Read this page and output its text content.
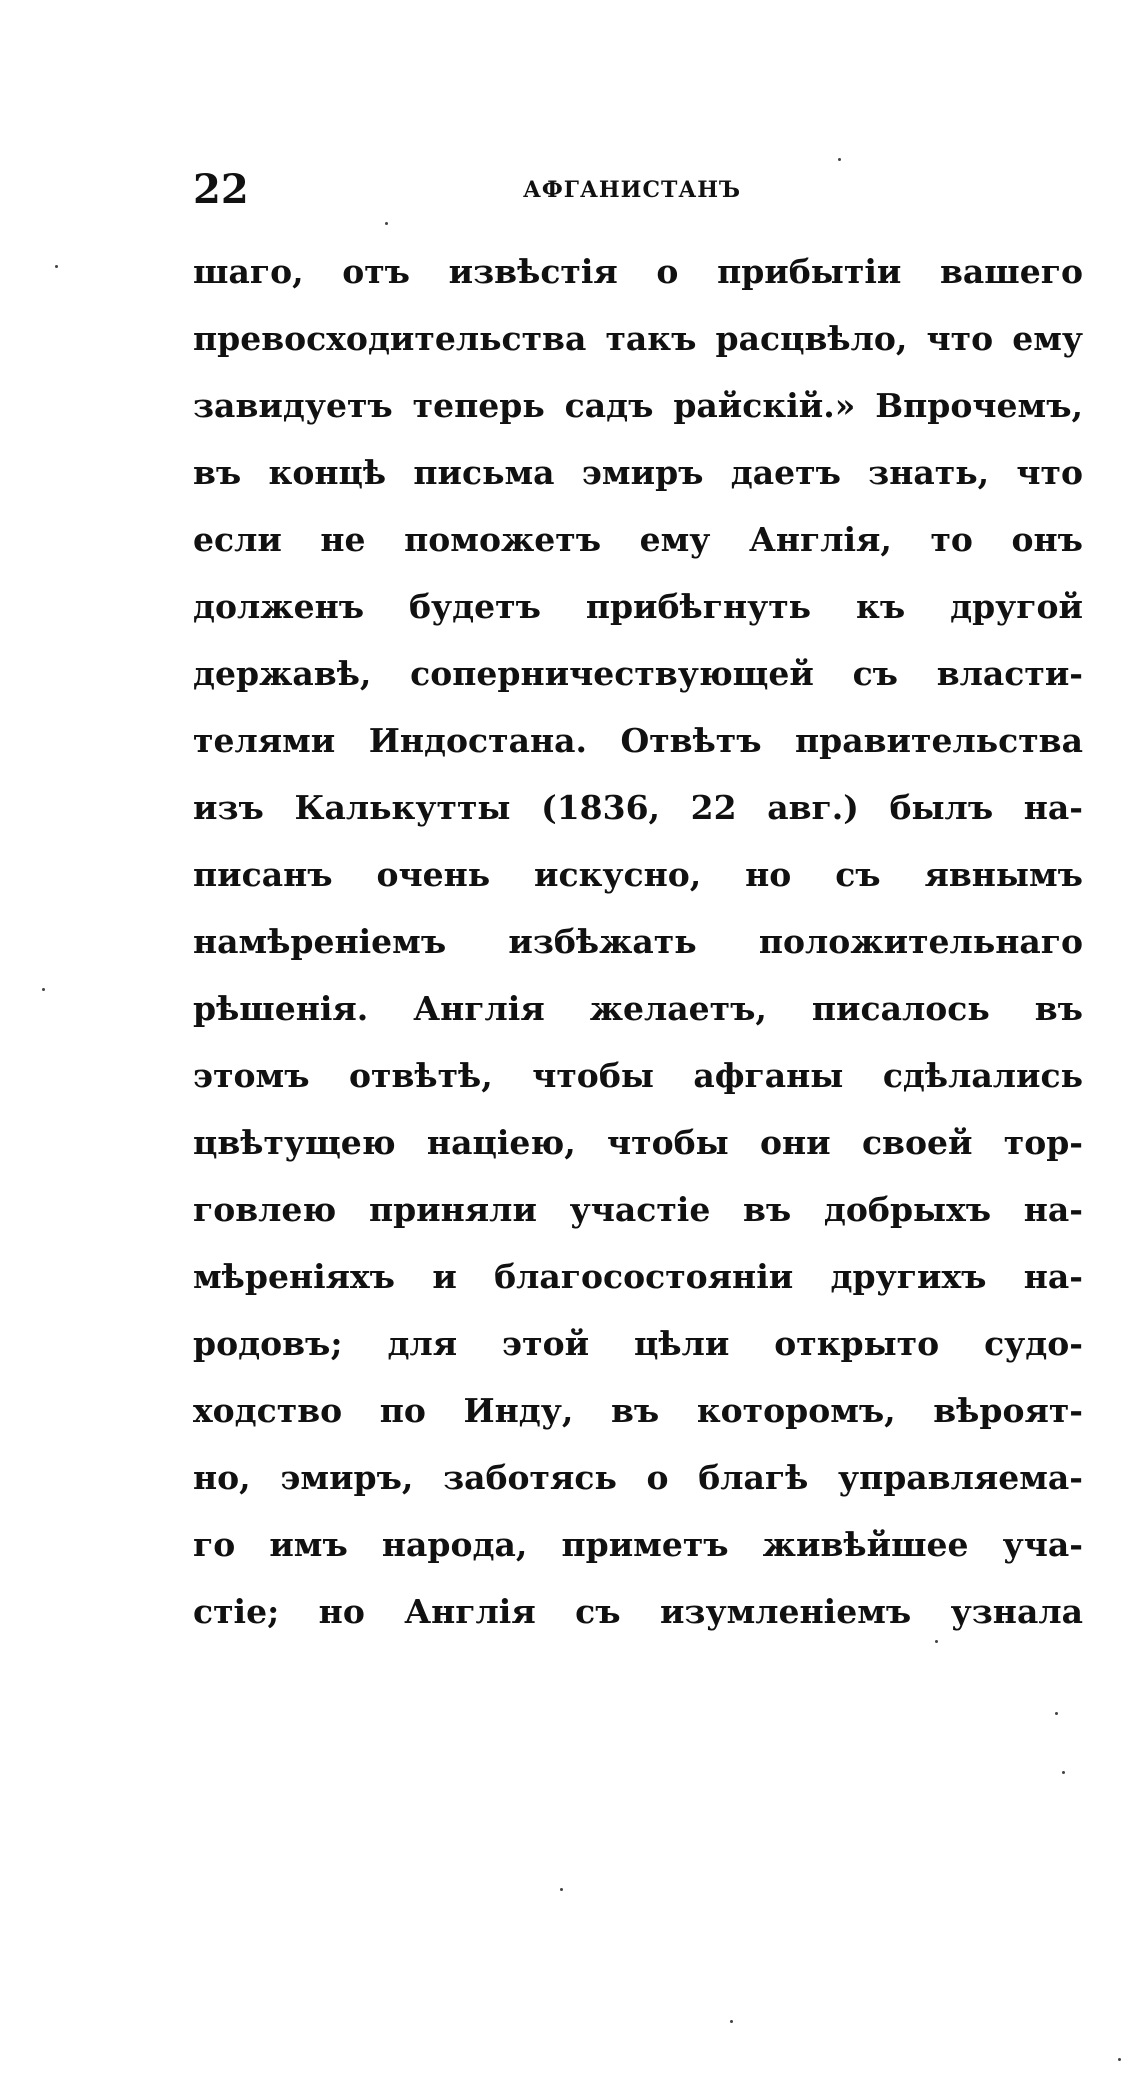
22	АФГАНИСТАНЪ
шаго, отъ извѣстія о прибытіи вашего
превосходительства такъ расцвѣло, что ему
завидуетъ теперь садъ райскій.» Впрочемъ,
въ концѣ письма эмиръ даетъ знать, что
если не поможетъ ему Англія, то онъ
долженъ будетъ прибѣгнуть къ другой
державѣ, соперничествующей съ власти-
телями Индостана. Отвѣтъ правительства
изъ Калькутты (1836, 22 авг.) былъ на-
писанъ очень искусно, но съ явнымъ
намѣреніемъ избѣжать положительнаго
рѣшенія. Англія желаетъ, писалось въ
этомъ отвѣтѣ, чтобы афганы сдѣлались
цвѣтущею націею, чтобы они своей тор-
говлею приняли участіе въ добрыхъ на-
мѣреніяхъ и благосостояніи другихъ на-
родовъ; для этой цѣли открыто судо-
ходство по Инду, въ которомъ, вѣроят-
но, эмиръ, заботясь о благѣ управляема-
го имъ народа, приметъ живѣйшее уча-
стіе; но Англія съ изумленіемъ узнала
